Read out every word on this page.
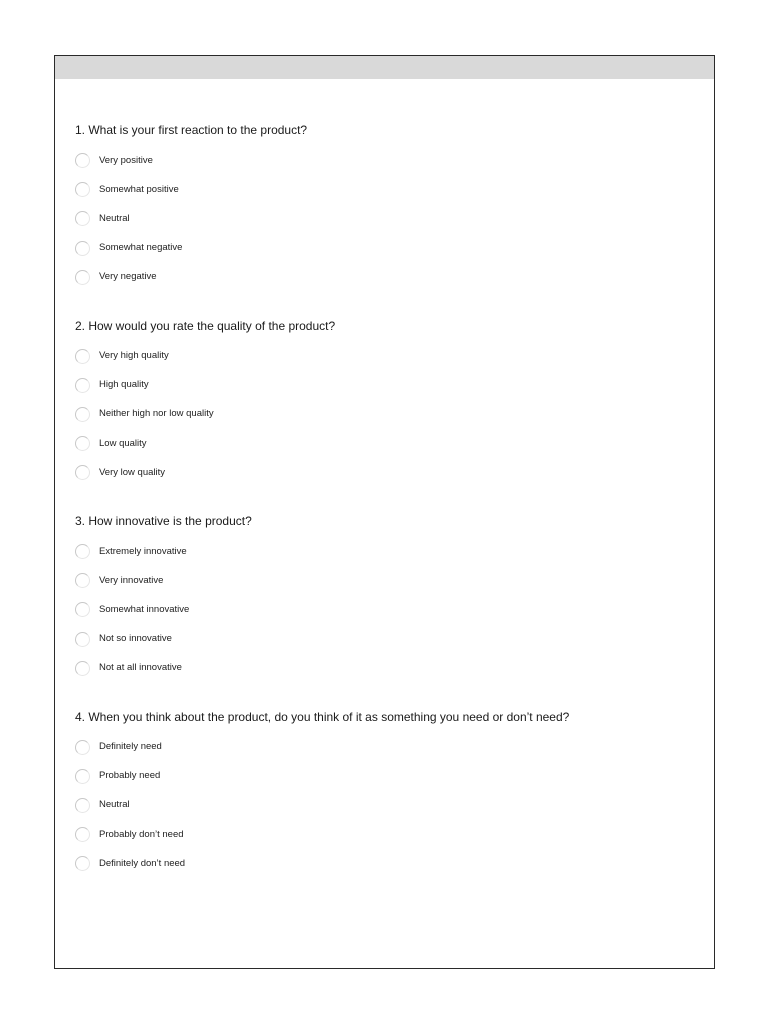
1. What is your first reaction to the product?
Very positive
Somewhat positive
Neutral
Somewhat negative
Very negative
2. How would you rate the quality of the product?
Very high quality
High quality
Neither high nor low quality
Low quality
Very low quality
3. How innovative is the product?
Extremely innovative
Very innovative
Somewhat innovative
Not so innovative
Not at all innovative
4. When you think about the product, do you think of it as something you need or don’t need?
Definitely need
Probably need
Neutral
Probably don’t need
Definitely don’t need
